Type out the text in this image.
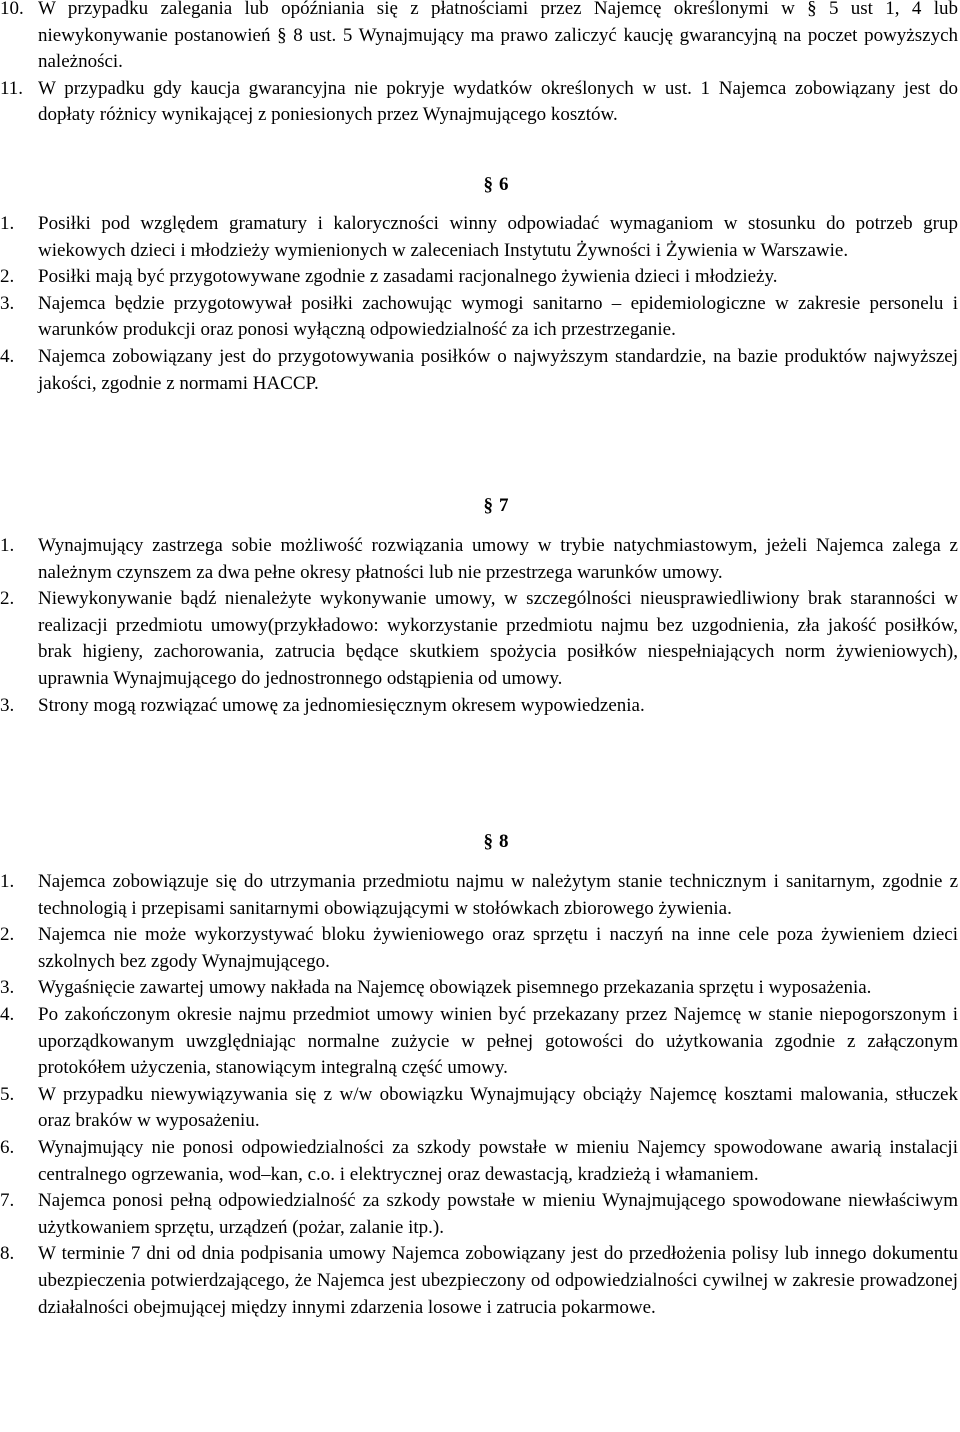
10. W przypadku zalegania lub opóźniania się z płatnościami przez Najemcę określonymi w § 5 ust 1, 4 lub niewykonywanie postanowień § 8 ust. 5 Wynajmujący ma prawo zaliczyć kaucję gwarancyjną na poczet powyższych należności.
11. W przypadku gdy kaucja gwarancyjna nie pokryje wydatków określonych w ust. 1 Najemca zobowiązany jest do dopłaty różnicy wynikającej z poniesionych przez Wynajmującego kosztów.
§ 6
1. Posiłki pod względem gramatury i kaloryczności winny odpowiadać wymaganiom w stosunku do potrzeb grup wiekowych dzieci i młodzieży wymienionych w zaleceniach Instytutu Żywności i Żywienia w Warszawie.
2. Posiłki mają być przygotowywane zgodnie z zasadami racjonalnego żywienia dzieci i młodzieży.
3. Najemca będzie przygotowywał posiłki zachowując wymogi sanitarno – epidemiologiczne w zakresie personelu i warunków produkcji oraz ponosi wyłączną odpowiedzialność za ich przestrzeganie.
4. Najemca zobowiązany jest do przygotowywania posiłków o najwyższym standardzie, na bazie produktów najwyższej jakości, zgodnie z normami HACCP.
§ 7
1. Wynajmujący zastrzega sobie możliwość rozwiązania umowy w trybie natychmiastowym, jeżeli Najemca zalega z należnym czynszem za dwa pełne okresy płatności lub nie przestrzega warunków umowy.
2. Niewykonywanie bądź nienależyte wykonywanie umowy, w szczególności nieusprawiedliwiony brak staranności w realizacji przedmiotu umowy(przykładowo: wykorzystanie przedmiotu najmu bez uzgodnienia, zła jakość posiłków, brak higieny, zachorowania, zatrucia będące skutkiem spożycia posiłków niespełniających norm żywieniowych), uprawnia Wynajmującego do jednostronnego odstąpienia od umowy.
3. Strony mogą rozwiązać umowę za jednomiesięcznym okresem wypowiedzenia.
§ 8
1. Najemca zobowiązuje się do utrzymania przedmiotu najmu w należytym stanie technicznym i sanitarnym, zgodnie z technologią i przepisami sanitarnymi obowiązującymi w stołówkach zbiorowego żywienia.
2. Najemca nie może wykorzystywać bloku żywieniowego oraz sprzętu i naczyń na inne cele poza żywieniem dzieci szkolnych bez zgody Wynajmującego.
3. Wygaśnięcie zawartej umowy nakłada na Najemcę obowiązek pisemnego przekazania sprzętu i wyposażenia.
4. Po zakończonym okresie najmu przedmiot umowy winien być przekazany przez Najemcę w stanie niepogorszonym i uporządkowanym uwzględniając normalne zużycie w pełnej gotowości do użytkowania zgodnie z załączonym protokółem użyczenia, stanowiącym integralną część umowy.
5. W przypadku niewywiązywania się z w/w obowiązku Wynajmujący obciąży Najemcę kosztami malowania, stłuczek oraz braków w wyposażeniu.
6. Wynajmujący nie ponosi odpowiedzialności za szkody powstałe w mieniu Najemcy spowodowane awarią instalacji centralnego ogrzewania, wod–kan, c.o. i elektrycznej oraz dewastacją, kradzieżą i włamaniem.
7. Najemca ponosi pełną odpowiedzialność za szkody powstałe w mieniu Wynajmującego spowodowane niewłaściwym użytkowaniem sprzętu, urządzeń (pożar, zalanie itp.).
8. W terminie 7 dni od dnia podpisania umowy Najemca zobowiązany jest do przedłożenia polisy lub innego dokumentu ubezpieczenia potwierdzającego, że Najemca jest ubezpieczony od odpowiedzialności cywilnej w zakresie prowadzonej działalności obejmującej między innymi zdarzenia losowe i zatrucia pokarmowe.
